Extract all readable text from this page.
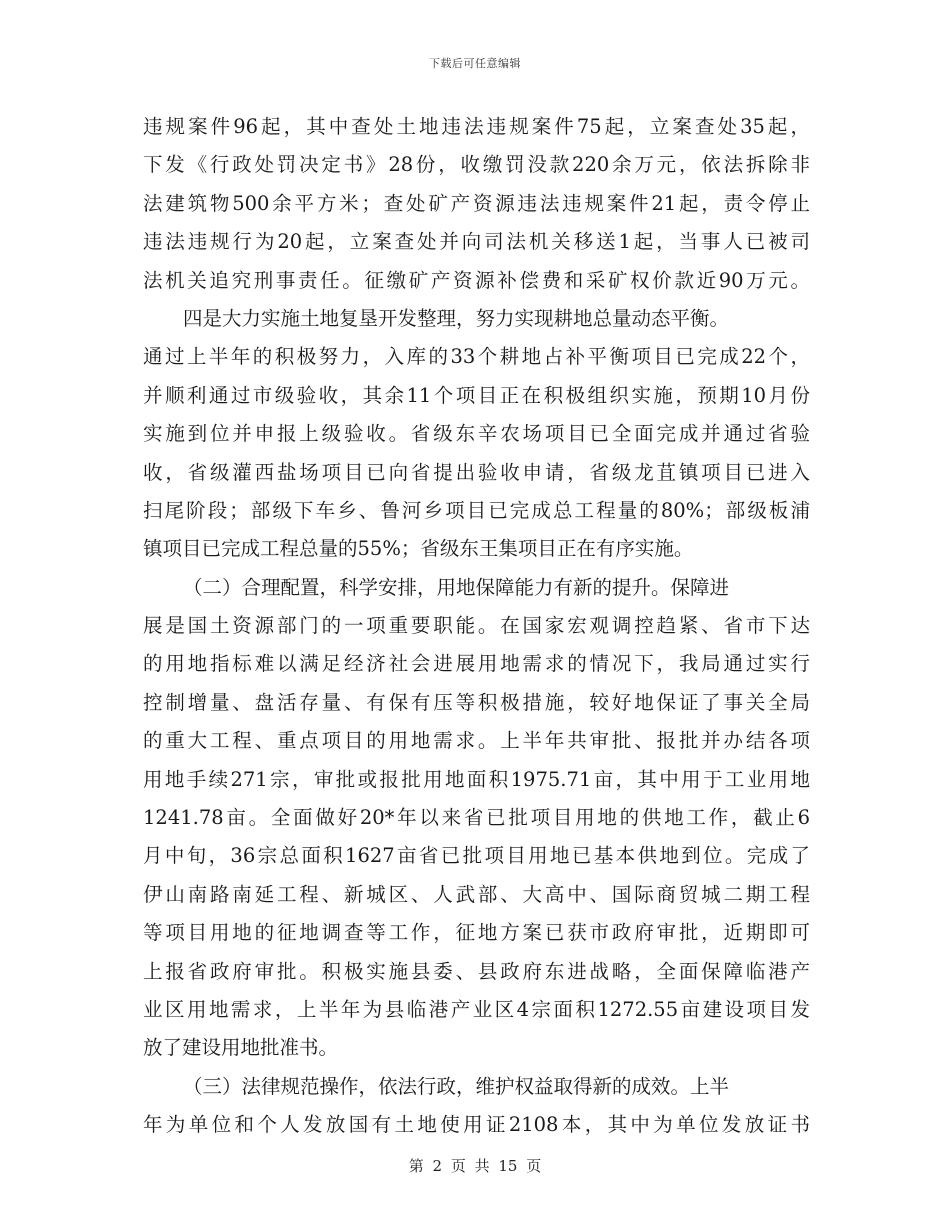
下载后可任意编辑
违规案件96起，其中查处土地违法违规案件75起，立案查处35起，
下发《行政处罚决定书》28份，收缴罚没款220余万元，依法拆除非
法建筑物500余平方米；查处矿产资源违法违规案件21起，责令停止
违法违规行为20起，立案查处并向司法机关移送1起，当事人已被司
法机关追究刑事责任。征缴矿产资源补偿费和采矿权价款近90万元。
四是大力实施土地复垦开发整理，努力实现耕地总量动态平衡。
通过上半年的积极努力，入库的33个耕地占补平衡项目已完成22个，
并顺利通过市级验收，其余11个项目正在积极组织实施，预期10月份
实施到位并申报上级验收。省级东辛农场项目已全面完成并通过省验
收，省级灌西盐场项目已向省提出验收申请，省级龙苴镇项目已进入
扫尾阶段；部级下车乡、鲁河乡项目已完成总工程量的80%；部级板浦
镇项目已完成工程总量的55%；省级东王集项目正在有序实施。
（二）合理配置，科学安排，用地保障能力有新的提升。保障进
展是国土资源部门的一项重要职能。在国家宏观调控趋紧、省市下达
的用地指标难以满足经济社会进展用地需求的情况下，我局通过实行
控制增量、盘活存量、有保有压等积极措施，较好地保证了事关全局
的重大工程、重点项目的用地需求。上半年共审批、报批并办结各项
用地手续271宗，审批或报批用地面积1975.71亩，其中用于工业用地
1241.78亩。全面做好20*年以来省已批项目用地的供地工作，截止6
月中旬，36宗总面积1627亩省已批项目用地已基本供地到位。完成了
伊山南路南延工程、新城区、人武部、大高中、国际商贸城二期工程
等项目用地的征地调查等工作，征地方案已获市政府审批，近期即可
上报省政府审批。积极实施县委、县政府东进战略，全面保障临港产
业区用地需求，上半年为县临港产业区4宗面积1272.55亩建设项目发
放了建设用地批准书。
（三）法律规范操作，依法行政，维护权益取得新的成效。上半
年为单位和个人发放国有土地使用证2108本，其中为单位发放证书
第 2 页 共 15 页
